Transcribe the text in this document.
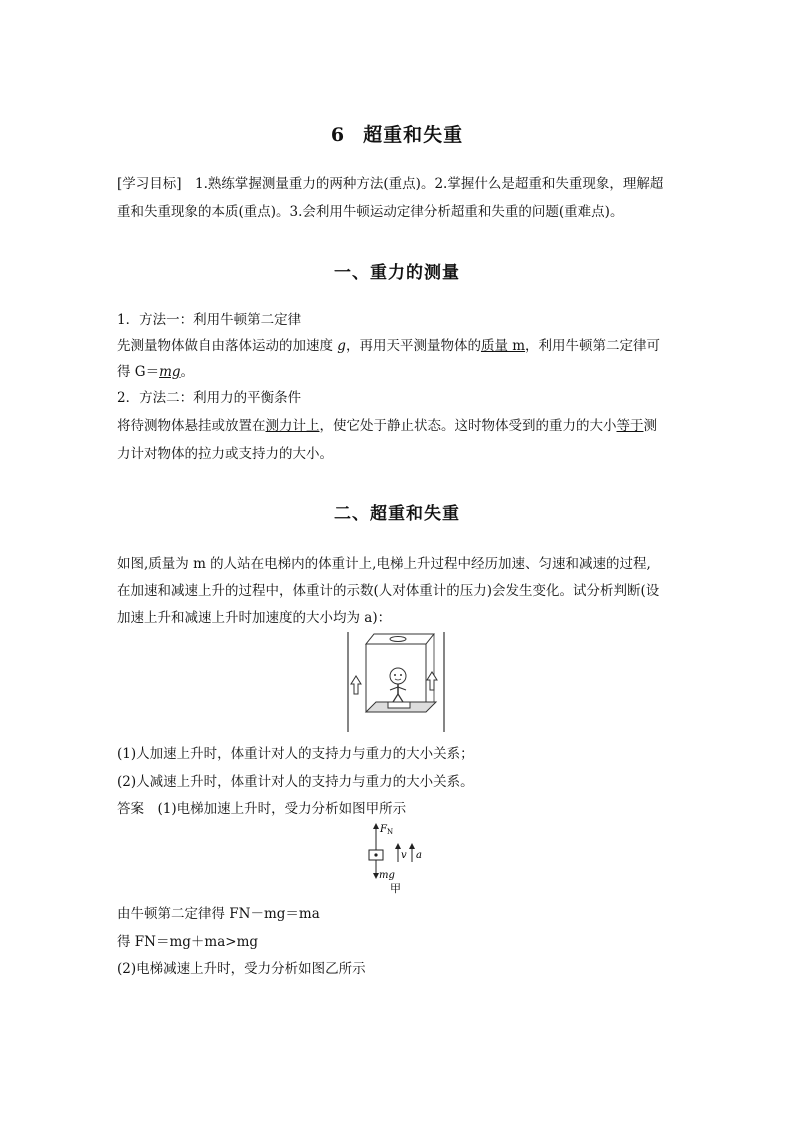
6 超重和失重
[学习目标]　1.熟练掌握测量重力的两种方法(重点)。2.掌握什么是超重和失重现象，理解超
重和失重现象的本质(重点)。3.会利用牛顿运动定律分析超重和失重的问题(重难点)。
一、重力的测量
1．方法一：利用牛顿第二定律
先测量物体做自由落体运动的加速度 g，再用天平测量物体的质量 m，利用牛顿第二定律可
得 G＝mg。
2．方法二：利用力的平衡条件
将待测物体悬挂或放置在测力计上，使它处于静止状态。这时物体受到的重力的大小等于测
力计对物体的拉力或支持力的大小。
二、超重和失重
如图,质量为 m 的人站在电梯内的体重计上,电梯上升过程中经历加速、匀速和减速的过程,
在加速和减速上升的过程中，体重计的示数(人对体重计的压力)会发生变化。试分析判断(设
加速上升和减速上升时加速度的大小均为 a)：
(1)人加速上升时，体重计对人的支持力与重力的大小关系；
(2)人减速上升时，体重计对人的支持力与重力的大小关系。
答案　(1)电梯加速上升时，受力分析如图甲所示
$F_N$
v a
mg
甲
由牛顿第二定律得 FN－mg＝ma
得 FN＝mg＋ma>mg
(2)电梯减速上升时，受力分析如图乙所示
